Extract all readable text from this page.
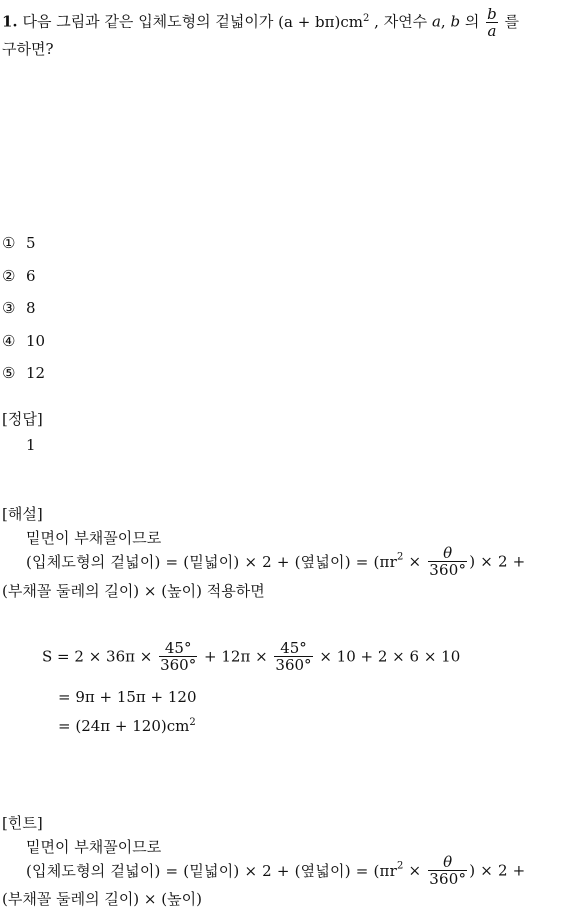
1. 다음 그림과 같은 입체도형의 겉넓이가 $(a + b\pi)cm^2$ , 자연수 a, b 의 $\frac{b}{a}$ 를
구하면?
① 5
② 6
③ 8
④ 10
⑤ 12
[정답]
1
[해설]
밑면이 부채꼴이므로
(입체도형의 겉넓이) = (밑넓이) × 2 + (옆넓이) = ($\pi r^2 \times \frac{\theta}{360^\circ}$ ) × 2 +
(부채꼴 둘레의 길이) × (높이) 적용하면
$S = 2 \times 36\pi \times \frac{45^\circ}{360^\circ} + 12\pi \times \frac{45^\circ}{360^\circ} \times 10 + 2 \times 6 \times 10$
= 9π + 15π + 120
= $(24\pi + 120)cm^2$
[힌트]
밑면이 부채꼴이므로
(입체도형의 겉넓이) = (밑넓이) × 2 + (옆넓이) = ($\pi r^2 \times \frac{\theta}{360^\circ}$ ) × 2 +
(부채꼴 둘레의 길이) × (높이)
